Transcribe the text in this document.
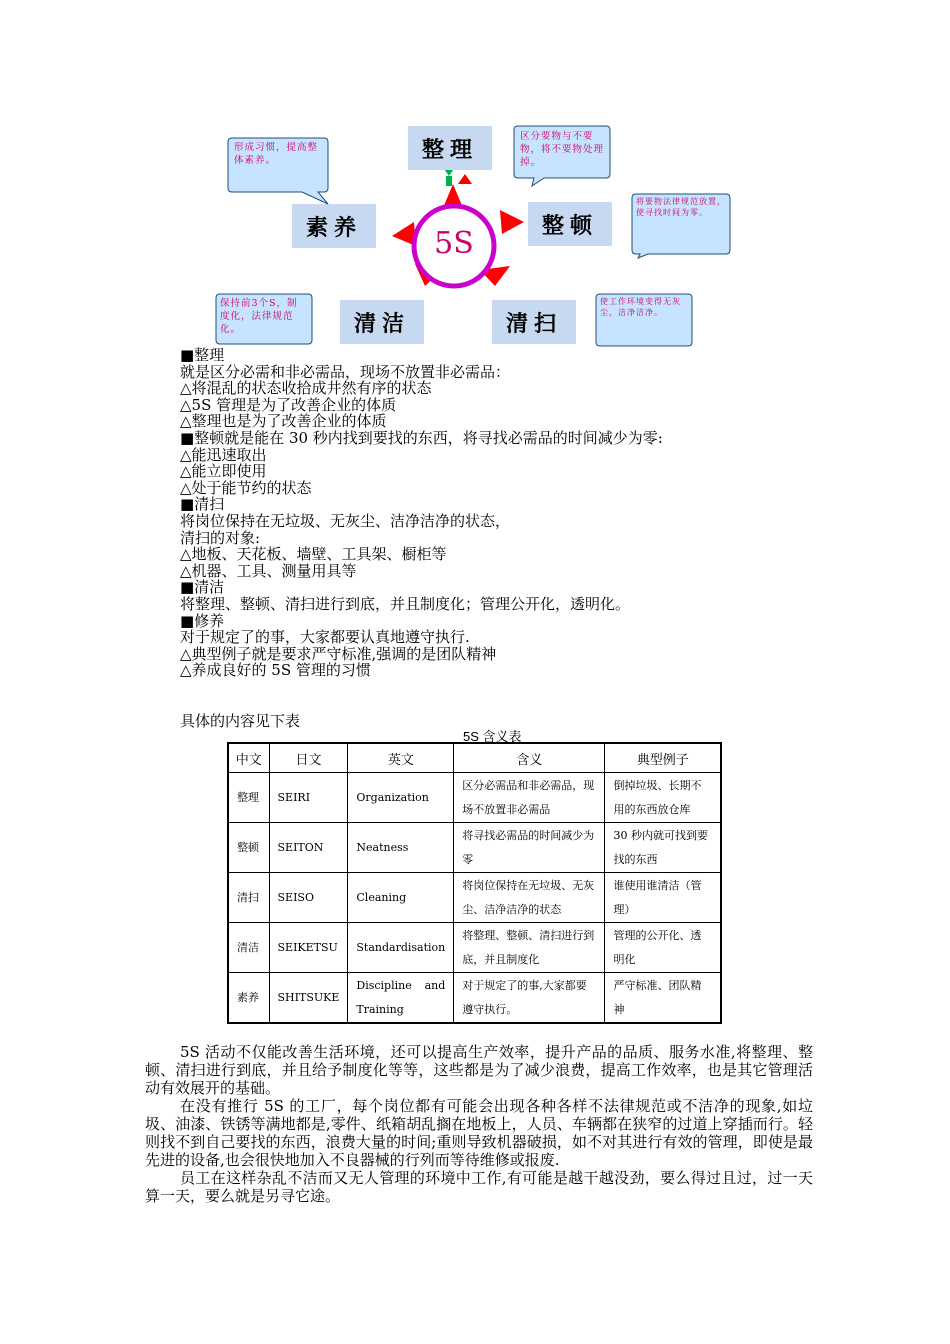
5S
整理
整顿
清扫
清洁
素养
区分要物与不要物，将不要物处理掉。
将要物法律规范放置，使寻找时间为零。
使工作环境变得无灰尘，洁净洁净。
保持前3个S，制度化，法律规范化。
形成习惯，提高整体素养。
■整理
就是区分必需和非必需品，现场不放置非必需品：
△将混乱的状态收拾成井然有序的状态
△5S 管理是为了改善企业的体质
△整理也是为了改善企业的体质
■整顿就是能在 30 秒内找到要找的东西，将寻找必需品的时间减少为零:
△能迅速取出
△能立即使用
△处于能节约的状态
■清扫
将岗位保持在无垃圾、无灰尘、洁净洁净的状态，
清扫的对象:
△地板、天花板、墙壁、工具架、橱柜等
△机器、工具、测量用具等
■清洁
将整理、整顿、清扫进行到底，并且制度化；管理公开化，透明化。
■修养
对于规定了的事，大家都要认真地遵守执行.
△典型例子就是要求严守标准,强调的是团队精神
△养成良好的 5S 管理的习惯
具体的内容见下表
5S 含义表
中文	日文	英文	含义	典型例子
整理	SEIRI	Organization	区分必需品和非必需品，现场不放置非必需品	倒掉垃圾、长期不用的东西放仓库
整顿	SEITON	Neatness	将寻找必需品的时间减少为零	30 秒内就可找到要找的东西
清扫	SEISO	Cleaning	将岗位保持在无垃圾、无灰尘、洁净洁净的状态	谁使用谁清洁（管理）
清洁	SEIKETSU	Standardisation	将整理、整顿、清扫进行到底，并且制度化	管理的公开化、透明化
素养	SHITSUKE	Discipline and Training	对于规定了的事,大家都要遵守执行。	严守标准、团队精神
5S 活动不仅能改善生活环境，还可以提高生产效率，提升产品的品质、服务水准,将整理、整顿、清扫进行到底，并且给予制度化等等，这些都是为了减少浪费，提高工作效率，也是其它管理活动有效展开的基础。
在没有推行 5S 的工厂，每个岗位都有可能会出现各种各样不法律规范或不洁净的现象,如垃圾、油漆、铁锈等满地都是,零件、纸箱胡乱搁在地板上，人员、车辆都在狭窄的过道上穿插而行。轻则找不到自己要找的东西，浪费大量的时间;重则导致机器破损，如不对其进行有效的管理，即使是最先进的设备,也会很快地加入不良器械的行列而等待维修或报废.
员工在这样杂乱不洁而又无人管理的环境中工作,有可能是越干越没劲，要么得过且过，过一天算一天，要么就是另寻它途。
